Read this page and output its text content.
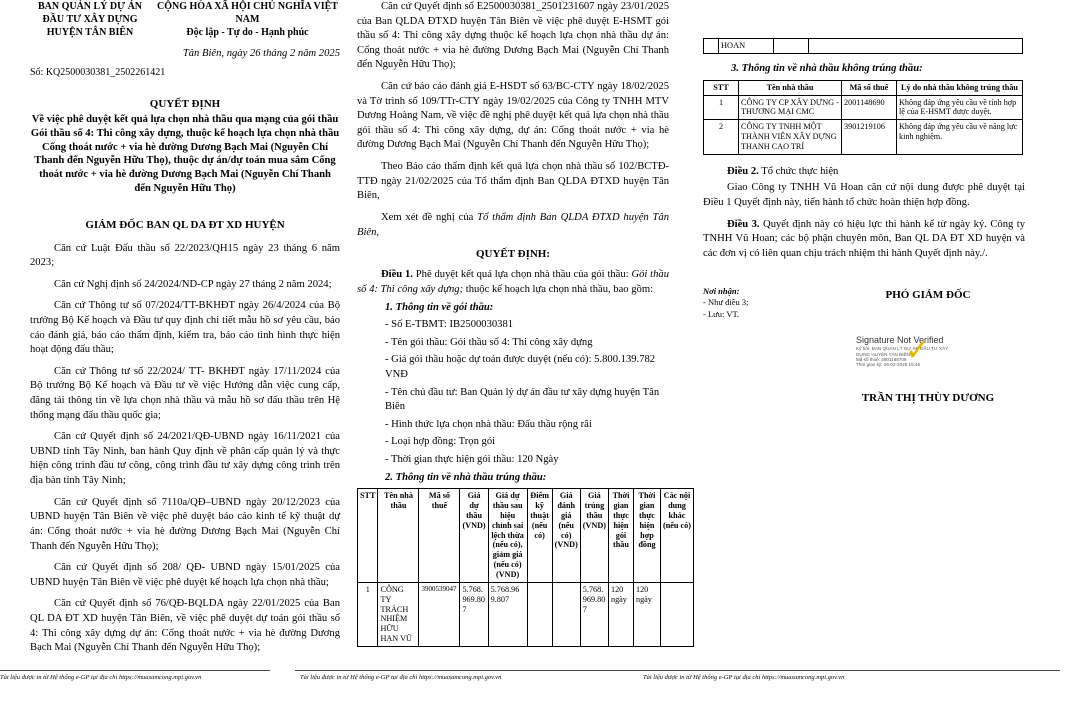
BAN QUẢN LÝ DỰ ÁN ĐẦU TƯ XÂY DỰNG HUYỆN TÂN BIÊN
CỘNG HÒA XÃ HỘI CHỦ NGHĨA VIỆT NAM
Độc lập - Tự do - Hạnh phúc
Tân Biên, ngày 26 tháng 2 năm 2025
Số: KQ2500030381_2502261421
QUYẾT ĐỊNH
Về việc phê duyệt kết quả lựa chọn nhà thầu qua mạng của gói thầu Gói thầu số 4: Thi công xây dựng, thuộc kế hoạch lựa chọn nhà thầu Cống thoát nước + via hè đường Dương Bạch Mai (Nguyễn Chí Thanh đến Nguyễn Hữu Thọ), thuộc dự án/dự toán mua sắm Cống thoát nước + via hè đường Dương Bạch Mai (Nguyễn Chí Thanh đến Nguyễn Hữu Thọ)
GIÁM ĐỐC BAN QL DA ĐT XD HUYỆN

Căn cứ Luật Đấu thầu số 22/2023/QH15 ngày 23 tháng 6 năm 2023;

Căn cứ Nghị định số 24/2024/ND-CP ngày 27 tháng 2 năm 2024;

Căn cứ Thông tư số 07/2024/TT-BKHĐT ngày 26/4/2024 của Bộ trưởng Bộ Kế hoạch và Đầu tư quy định chi tiết mẫu hồ sơ yêu cầu, báo cáo đánh giá, báo cáo thẩm định, kiểm tra, báo cáo tình hình thực hiện hoạt động đấu thầu;

Căn cứ Thông tư số 22/2024/ TT- BKHĐT ngày 17/11/2024 của Bộ trưởng Bộ Kế hoạch và Đầu tư về việc Hướng dẫn việc cung cấp, đăng tải thông tin về lựa chọn nhà thầu và mẫu hồ sơ đấu thầu trên Hệ thống mạng đấu thầu quốc gia;

Căn cứ Quyết định số 24/2021/QĐ-UBND ngày 16/11/2021 của UBND tỉnh Tây Ninh, ban hành Quy định về phân cấp quản lý và thực hiện công trình đầu tư công, công trình đầu tư xây dựng công trình trên địa bàn tỉnh Tây Ninh;

Căn cứ Quyết định số 7110a/QĐ–UBND ngày 20/12/2023 của UBND huyện Tân Biên về việc phê duyệt báo cáo kinh tế kỹ thuật dự án: Cống thoát nước + via hè đường Dương Bạch Mai (Nguyễn Chí Thanh đến Nguyễn Hữu Thọ);

Căn cứ Quyết định số 208/ QĐ- UBND ngày 15/01/2025 của UBND huyện Tân Biên về việc phê duyệt kế hoạch lựa chọn nhà thầu;

Căn cứ Quyết định số 76/QĐ-BQLDA ngày 22/01/2025 của Ban QL DA ĐT XD huyện Tân Biên, về việc phê duyệt dự toán gói thầu số 4: Thi công xây dựng dự án: Cống thoát nước + via hè đường Dương Bạch Mai (Nguyễn Chí Thanh đến Nguyễn Hữu Thọ);

Căn cứ Quyết định số E2500030381_2501231607 ngày 23/01/2025 của Ban QLDA ĐTXD huyện Tân Biên về việc phê duyệt E-HSMT gói thầu số 4: Thi công xây dựng thuộc kế hoạch lựa chọn nhà thầu dự án: Cống thoát nước + via hè đường Dương Bạch Mai (Nguyễn Chí Thanh đến Nguyễn Hữu Thọ);

Căn cứ báo cáo đánh giá E-HSDT số 63/BC-CTY ngày 18/02/2025 và Tờ trình số 109/TTr-CTY ngày 19/02/2025 của Công ty TNHH MTV Dương Hoàng Nam, về việc đề nghị phê duyệt kết quả lựa chọn nhà thầu gói thầu số 4: Thi công xây dựng, dự án: Cống thoát nước + via hè đường Dương Bạch Mai (Nguyễn Chí Thanh đến Nguyễn Hữu Thọ);

Theo Báo cáo thẩm định kết quả lựa chọn nhà thầu số 102/BCTĐ-TTĐ ngày 21/02/2025 của Tổ thẩm định Ban QLDA ĐTXD huyện Tân Biên,

Xem xét đề nghị của Tổ thẩm định Ban QLDA ĐTXD huyện Tân Biên,

QUYẾT ĐỊNH:

Điều 1. Phê duyệt kết quả lựa chọn nhà thầu của gói thầu: Gói thầu số 4: Thi công xây dựng; thuộc kế hoạch lựa chọn nhà thầu, bao gồm:

1. Thông tin về gói thầu:
- Số E-TBMT: IB2500030381
- Tên gói thầu: Gói thầu số 4: Thi công xây dựng
- Giá gói thầu hoặc dự toán được duyệt (nếu có): 5.800.139.782 VNĐ
- Tên chủ đầu tư: Ban Quản lý dự án đầu tư xây dựng huyện Tân Biên
- Hình thức lựa chọn nhà thầu: Đấu thầu rộng rãi
- Loại hợp đồng: Trọn gói
- Thời gian thực hiện gói thầu: 120 Ngày
2. Thông tin về nhà thầu trúng thầu:
STT	Tên nhà thầu	Mã số thuế	Giá dự thầu (VND)	Giá dự thầu sau hiệu chỉnh sai lệch thừa (nếu có), giảm giá (nếu có) (VND)	Điểm kỹ thuật (nếu có)	Giá đánh giá (nếu có) (VND)	Giá trúng thầu (VND)	Thời gian thực hiện gói thầu	Thời gian thực hiện hợp đồng	Các nội dung khác (nếu có)
1	CÔNG TY TRÁCH NHIỆM HỮU HẠN VŨ	3900539047	5.768.969.807	5.768.969.807			5.768.969.807	120 ngày	120 ngày	
	HOAN		
3. Thông tin về nhà thầu không trúng thầu:
STT	Tên nhà thầu	Mã số thuế	Lý do nhà thầu không trúng thầu
1	CÔNG TY CP XÂY DỰNG - THƯƠNG MẠI CMC	2001148690	Không đáp ứng yêu cầu về tính hợp lệ của E-HSMT được duyệt.
2	CÔNG TY TNHH MỘT THÀNH VIÊN XÂY DỰNG THANH CAO TRÍ	3901219106	Không đáp ứng yêu cầu về năng lực kinh nghiệm.

Điều 2. Tổ chức thực hiện

Giao Công ty TNHH Vũ Hoan căn cứ nội dung được phê duyệt tại Điều 1 Quyết định này, tiến hành tổ chức hoàn thiện hợp đồng.

Điều 3. Quyết định này có hiệu lực thi hành kể từ ngày ký. Công ty TNHH Vũ Hoan; các bộ phận chuyên môn, Ban QL DA ĐT XD huyện và các đơn vị có liên quan chịu trách nhiệm thi hành Quyết định này./.

Nơi nhận:
- Như điều 3;
- Lưu: VT.
PHÓ GIÁM ĐỐC
✓
Signature Not Verified
Ký bởi: BAN QUẢN LÝ DỰ ÁN ĐẦU TƯ XÂY DỰNG HUYỆN TÂN BIÊN
Mã số thuế: 3901168709
Thời gian ký: 26-02-2025 15:46
TRẦN THỊ THÙY DƯƠNG
Tài liệu được in từ Hệ thống e-GP tại địa chỉ https://muasamcong.mpi.gov.vn	Tài liệu được in từ Hệ thống e-GP tại địa chỉ https://muasamcong.mpi.gov.vn	Tài liệu được in từ Hệ thống e-GP tại địa chỉ https://muasamcong.mpi.gov.vn
